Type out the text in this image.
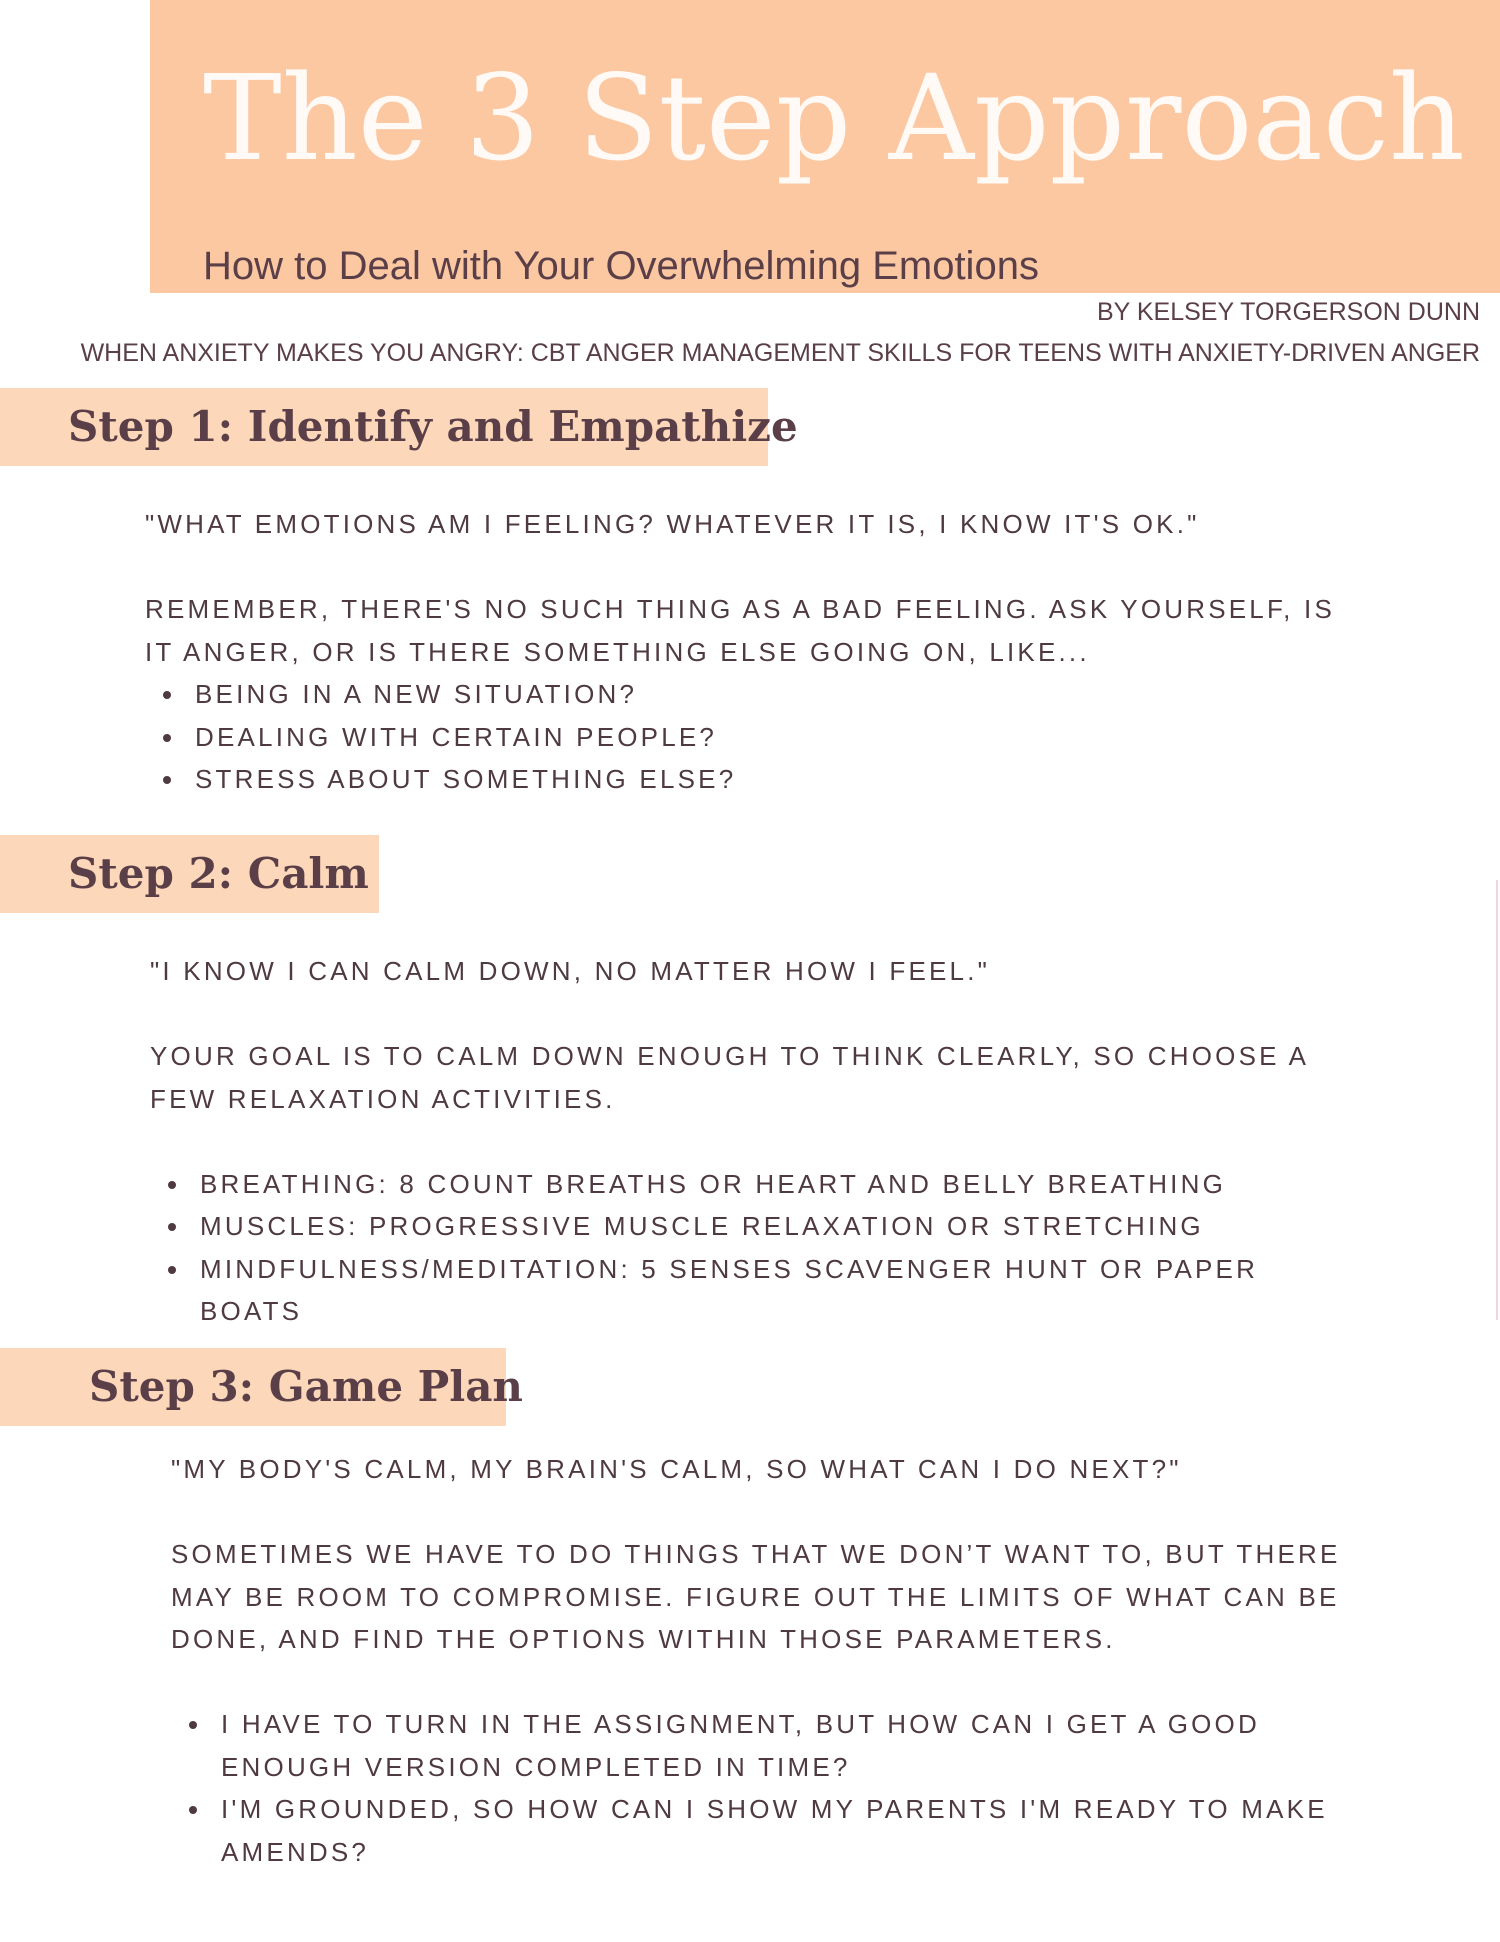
The 3 Step Approach

How to Deal with Your Overwhelming Emotions

BY KELSEY TORGERSON DUNN
WHEN ANXIETY MAKES YOU ANGRY: CBT ANGER MANAGEMENT SKILLS FOR TEENS WITH ANXIETY-DRIVEN ANGER
Step 1: Identify and Empathize

"WHAT EMOTIONS AM I FEELING? WHATEVER IT IS, I KNOW IT'S OK."

REMEMBER, THERE'S NO SUCH THING AS A BAD FEELING. ASK YOURSELF, IS IT ANGER, OR IS THERE SOMETHING ELSE GOING ON, LIKE...

BEING IN A NEW SITUATION?
DEALING WITH CERTAIN PEOPLE?
STRESS ABOUT SOMETHING ELSE?
Step 2: Calm

"I KNOW I CAN CALM DOWN, NO MATTER HOW I FEEL."

YOUR GOAL IS TO CALM DOWN ENOUGH TO THINK CLEARLY, SO CHOOSE A FEW RELAXATION ACTIVITIES.

BREATHING: 8 COUNT BREATHS OR HEART AND BELLY BREATHING
MUSCLES: PROGRESSIVE MUSCLE RELAXATION OR STRETCHING
MINDFULNESS/MEDITATION: 5 SENSES SCAVENGER HUNT OR PAPER BOATS
Step 3: Game Plan

"MY BODY'S CALM, MY BRAIN'S CALM, SO WHAT CAN I DO NEXT?"

SOMETIMES WE HAVE TO DO THINGS THAT WE DON’T WANT TO, BUT THERE MAY BE ROOM TO COMPROMISE. FIGURE OUT THE LIMITS OF WHAT CAN BE DONE, AND FIND THE OPTIONS WITHIN THOSE PARAMETERS.

I HAVE TO TURN IN THE ASSIGNMENT, BUT HOW CAN I GET A GOOD ENOUGH VERSION COMPLETED IN TIME?
I'M GROUNDED, SO HOW CAN I SHOW MY PARENTS I'M READY TO MAKE AMENDS?
